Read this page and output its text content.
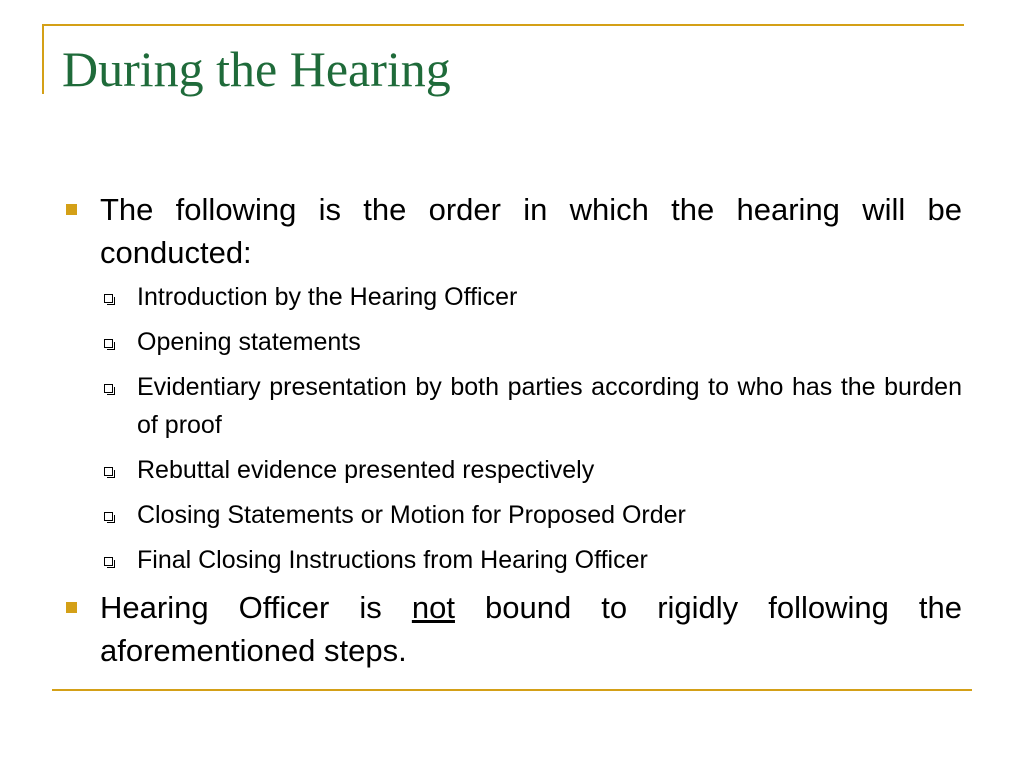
During the Hearing

The following is the order in which the hearing will be conducted:

Introduction by the Hearing Officer
Opening statements
Evidentiary presentation by both parties according to who has the burden of proof
Rebuttal evidence presented respectively
Closing Statements or Motion for Proposed Order
Final Closing Instructions from Hearing Officer

Hearing Officer is not bound to rigidly following the aforementioned steps.
